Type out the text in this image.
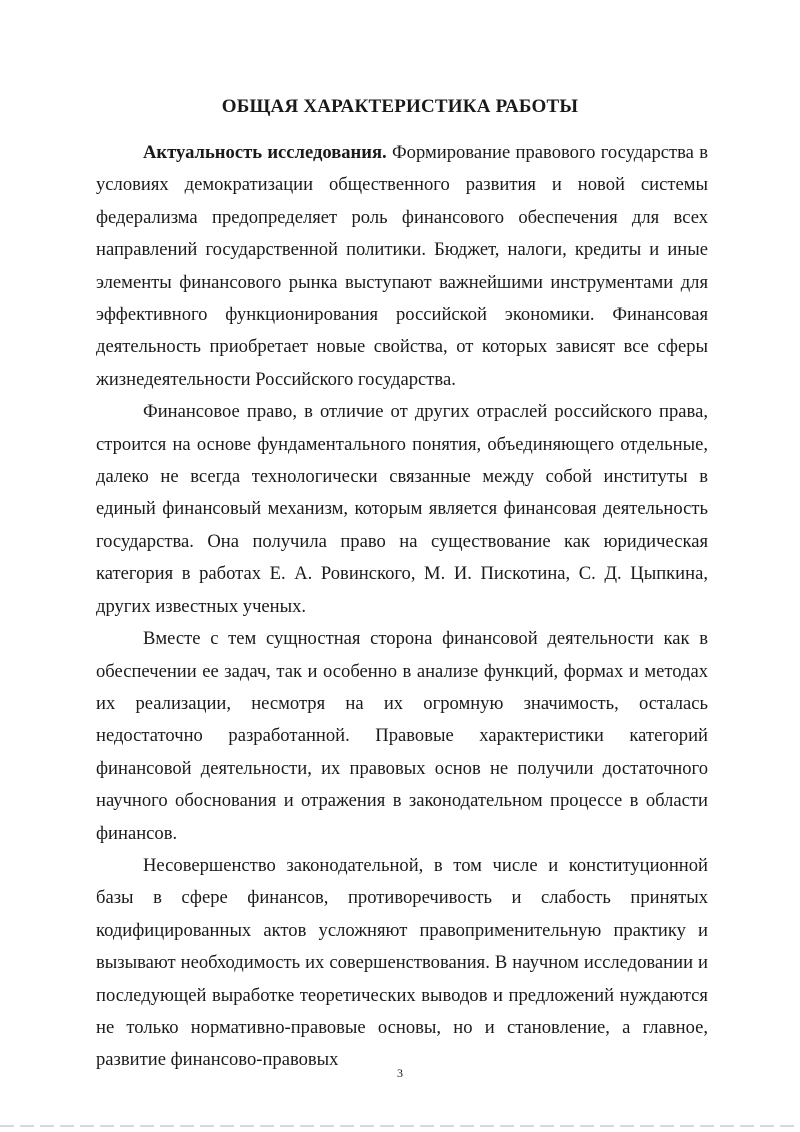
ОБЩАЯ ХАРАКТЕРИСТИКА РАБОТЫ

Актуальность исследования. Формирование правового государства в условиях демократизации общественного развития и новой системы федерализма предопределяет роль финансового обеспечения для всех направлений государственной политики. Бюджет, налоги, кредиты и иные элементы финансового рынка выступают важнейшими инструментами для эффективного функционирования российской экономики. Финансовая деятельность приобретает новые свойства, от которых зависят все сферы жизнедеятельности Российского государства.

Финансовое право, в отличие от других отраслей российского права, строится на основе фундаментального понятия, объединяющего отдельные, далеко не всегда технологически связанные между собой институты в единый финансовый механизм, которым является финансовая деятельность государства. Она получила право на существование как юридическая категория в работах Е. А. Ровинского, М. И. Пискотина, С. Д. Цыпкина, других известных ученых.

Вместе с тем сущностная сторона финансовой деятельности как в обеспечении ее задач, так и особенно в анализе функций, формах и методах их реализации, несмотря на их огромную значимость, осталась недостаточно разработанной. Правовые характеристики категорий финансовой деятельности, их правовых основ не получили достаточного научного обоснования и отражения в законодательном процессе в области финансов.

Несовершенство законодательной, в том числе и конституционной базы в сфере финансов, противоречивость и слабость принятых кодифицированных актов усложняют правоприменительную практику и вызывают необходимость их совершенствования. В научном исследовании и последующей выработке теоретических выводов и предложений нуждаются не только нормативно-правовые основы, но и становление, а главное, развитие финансово-правовых

3
